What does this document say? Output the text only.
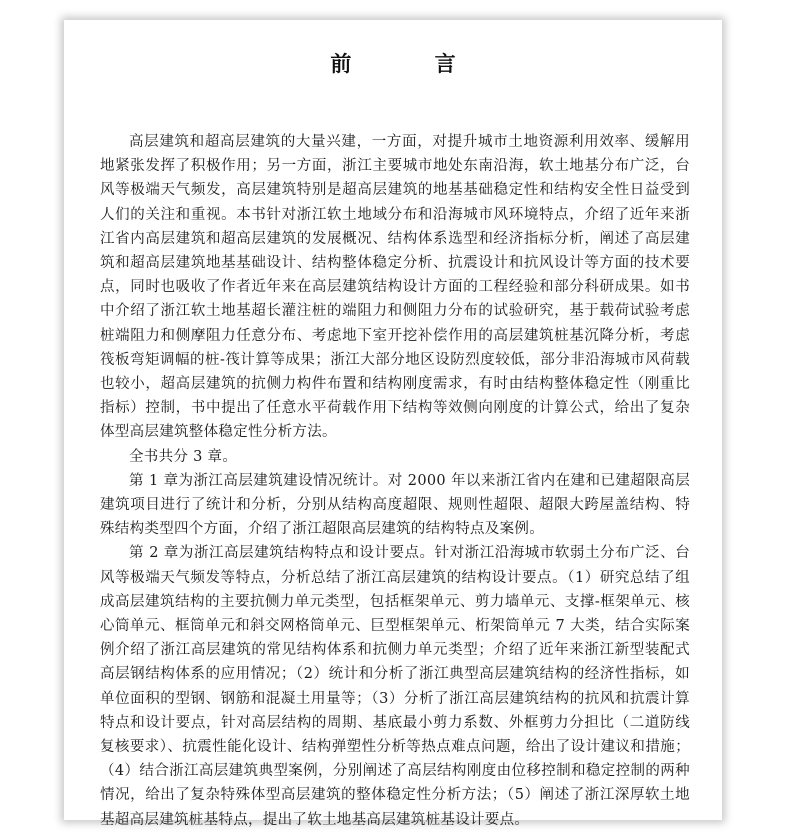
前 言

高层建筑和超高层建筑的大量兴建，一方面，对提升城市土地资源利用效率、缓解用地紧张发挥了积极作用；另一方面，浙江主要城市地处东南沿海，软土地基分布广泛，台风等极端天气频发，高层建筑特别是超高层建筑的地基基础稳定性和结构安全性日益受到人们的关注和重视。本书针对浙江软土地域分布和沿海城市风环境特点，介绍了近年来浙江省内高层建筑和超高层建筑的发展概况、结构体系选型和经济指标分析，阐述了高层建筑和超高层建筑地基基础设计、结构整体稳定分析、抗震设计和抗风设计等方面的技术要点，同时也吸收了作者近年来在高层建筑结构设计方面的工程经验和部分科研成果。如书中介绍了浙江软土地基超长灌注桩的端阻力和侧阻力分布的试验研究，基于载荷试验考虑桩端阻力和侧摩阻力任意分布、考虑地下室开挖补偿作用的高层建筑桩基沉降分析，考虑筏板弯矩调幅的桩-筏计算等成果；浙江大部分地区设防烈度较低，部分非沿海城市风荷载也较小，超高层建筑的抗侧力构件布置和结构刚度需求，有时由结构整体稳定性（刚重比指标）控制，书中提出了任意水平荷载作用下结构等效侧向刚度的计算公式，给出了复杂体型高层建筑整体稳定性分析方法。

全书共分 3 章。

第 1 章为浙江高层建筑建设情况统计。对 2000 年以来浙江省内在建和已建超限高层建筑项目进行了统计和分析，分别从结构高度超限、规则性超限、超限大跨屋盖结构、特殊结构类型四个方面，介绍了浙江超限高层建筑的结构特点及案例。

第 2 章为浙江高层建筑结构特点和设计要点。针对浙江沿海城市软弱土分布广泛、台风等极端天气频发等特点，分析总结了浙江高层建筑的结构设计要点。（1）研究总结了组成高层建筑结构的主要抗侧力单元类型，包括框架单元、剪力墙单元、支撑-框架单元、核心筒单元、框筒单元和斜交网格筒单元、巨型框架单元、桁架筒单元 7 大类，结合实际案例介绍了浙江高层建筑的常见结构体系和抗侧力单元类型；介绍了近年来浙江新型装配式高层钢结构体系的应用情况；（2）统计和分析了浙江典型高层建筑结构的经济性指标，如单位面积的型钢、钢筋和混凝土用量等；（3）分析了浙江高层建筑结构的抗风和抗震计算特点和设计要点，针对高层结构的周期、基底最小剪力系数、外框剪力分担比（二道防线复核要求）、抗震性能化设计、结构弹塑性分析等热点难点问题，给出了设计建议和措施；（4）结合浙江高层建筑典型案例，分别阐述了高层结构刚度由位移控制和稳定控制的两种情况，给出了复杂特殊体型高层建筑的整体稳定性分析方法；（5）阐述了浙江深厚软土地基超高层建筑桩基特点，提出了软土地基高层建筑桩基设计要点。
